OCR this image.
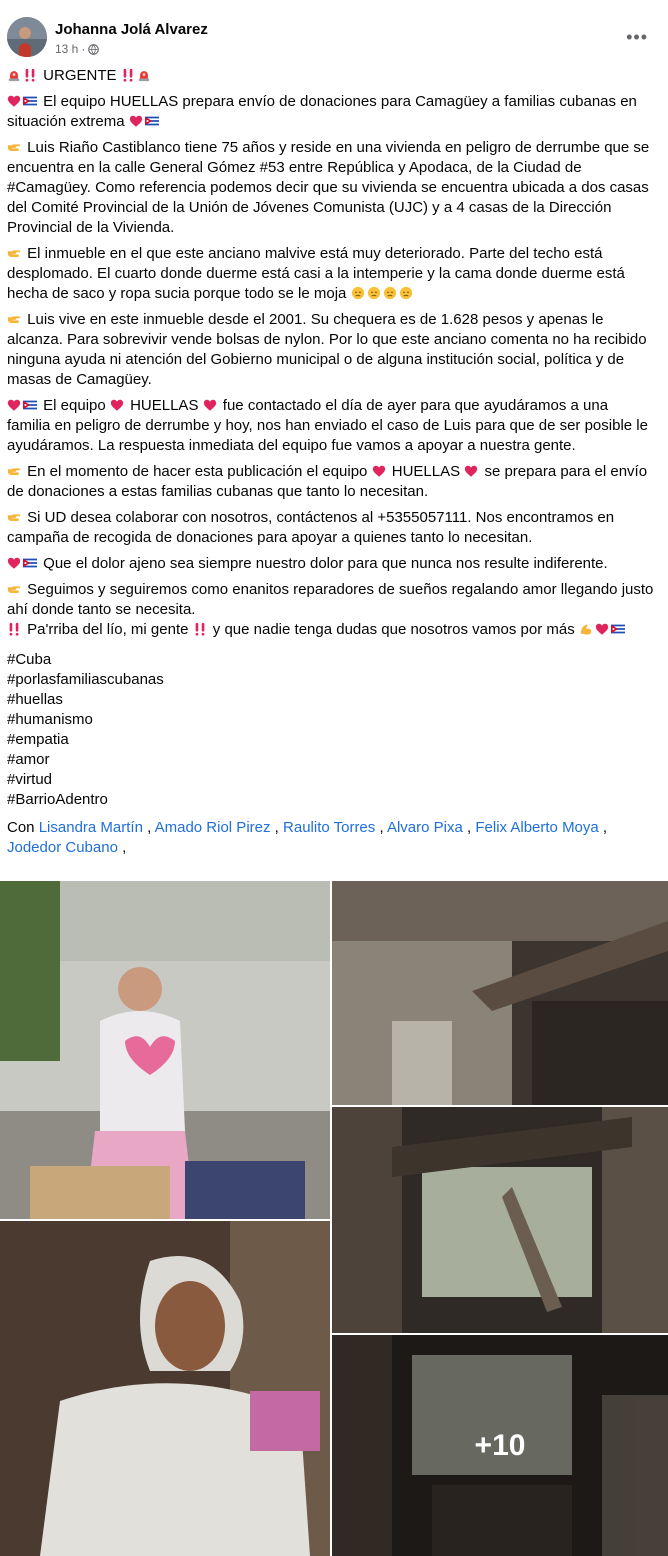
Johanna Jolá Alvarez
13 h ·
•••

URGENTE

El equipo HUELLAS prepara envío de donaciones para Camagüey a familias cubanas en situación extrema

Luis Riaño Castiblanco tiene 75 años y reside en una vivienda en peligro de derrumbe que se encuentra en la calle General Gómez #53 entre República y Apodaca, de la Ciudad de #Camagüey. Como referencia podemos decir que su vivienda se encuentra ubicada a dos casas del Comité Provincial de la Unión de Jóvenes Comunista (UJC) y a 4 casas de la Dirección Provincial de la Vivienda.

El inmueble en el que este anciano malvive está muy deteriorado. Parte del techo está desplomado. El cuarto donde duerme está casi a la intemperie y la cama donde duerme está hecha de saco y ropa sucia porque todo se le moja

Luis vive en este inmueble desde el 2001. Su chequera es de 1.628 pesos y apenas le alcanza. Para sobrevivir vende bolsas de nylon. Por lo que este anciano comenta no ha recibido ninguna ayuda ni atención del Gobierno municipal o de alguna institución social, política y de masas de Camagüey.

El equipo HUELLAS fue contactado el día de ayer para que ayudáramos a una familia en peligro de derrumbe y hoy, nos han enviado el caso de Luis para que de ser posible le ayudáramos. La respuesta inmediata del equipo fue vamos a apoyar a nuestra gente.

En el momento de hacer esta publicación el equipo HUELLAS se prepara para el envío de donaciones a estas familias cubanas que tanto lo necesitan.

Si UD desea colaborar con nosotros, contáctenos al +5355057111. Nos encontramos en campaña de recogida de donaciones para apoyar a quienes tanto lo necesitan.

Que el dolor ajeno sea siempre nuestro dolor para que nunca nos resulte indiferente.

Seguimos y seguiremos como enanitos reparadores de sueños regalando amor llegando justo ahí donde tanto se necesita.

Pa'rriba del lío, mi gente y que nadie tenga dudas que nosotros vamos por más

#Cuba
#porlasfamiliascubanas
#huellas
#humanismo
#empatia
#amor
#virtud
#BarrioAdentro

Con Lisandra Martín , Amado Riol Pirez , Raulito Torres , Alvaro Pixa , Felix Alberto Moya , Jodedor Cubano ,

+10
